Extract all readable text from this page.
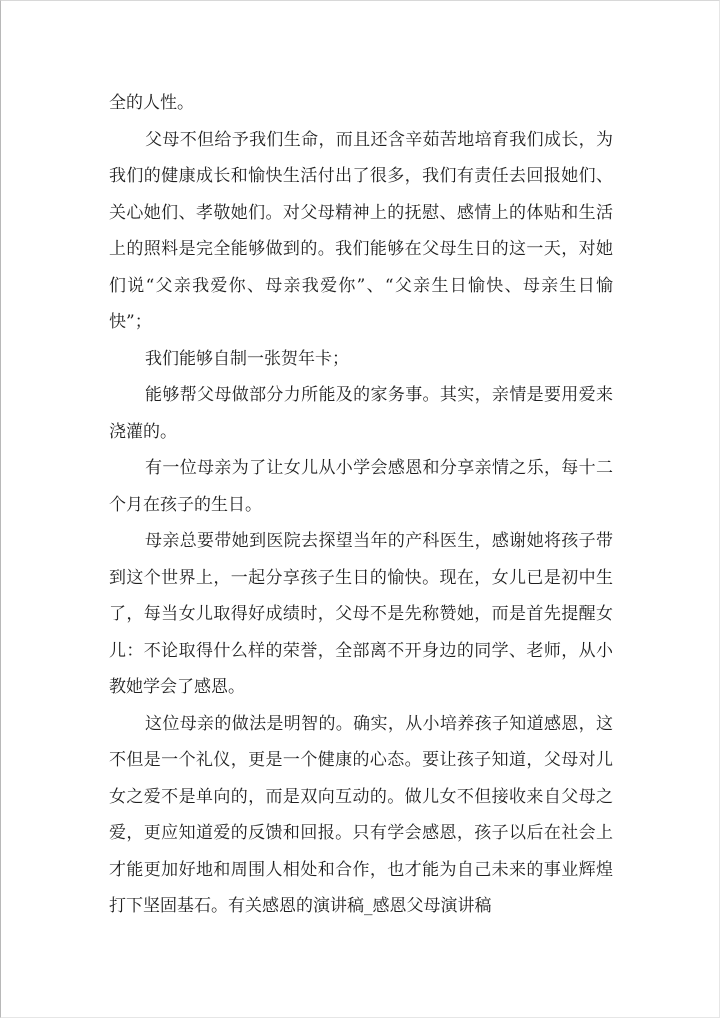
全的人性。

父母不但给予我们生命，而且还含辛茹苦地培育我们成长，为我们的健康成长和愉快生活付出了很多，我们有责任去回报她们、关心她们、孝敬她们。对父母精神上的抚慰、感情上的体贴和生活上的照料是完全能够做到的。我们能够在父母生日的这一天，对她们说“父亲我爱你、母亲我爱你”、“父亲生日愉快、母亲生日愉快”；

我们能够自制一张贺年卡；

能够帮父母做部分力所能及的家务事。其实，亲情是要用爱来浇灌的。

有一位母亲为了让女儿从小学会感恩和分享亲情之乐，每十二个月在孩子的生日。

母亲总要带她到医院去探望当年的产科医生，感谢她将孩子带到这个世界上，一起分享孩子生日的愉快。现在，女儿已是初中生了，每当女儿取得好成绩时，父母不是先称赞她，而是首先提醒女儿：不论取得什么样的荣誉，全部离不开身边的同学、老师，从小教她学会了感恩。

这位母亲的做法是明智的。确实，从小培养孩子知道感恩，这不但是一个礼仪，更是一个健康的心态。要让孩子知道，父母对儿女之爱不是单向的，而是双向互动的。做儿女不但接收来自父母之爱，更应知道爱的反馈和回报。只有学会感恩，孩子以后在社会上才能更加好地和周围人相处和合作，也才能为自己未来的事业辉煌打下坚固基石。有关感恩的演讲稿_感恩父母演讲稿
